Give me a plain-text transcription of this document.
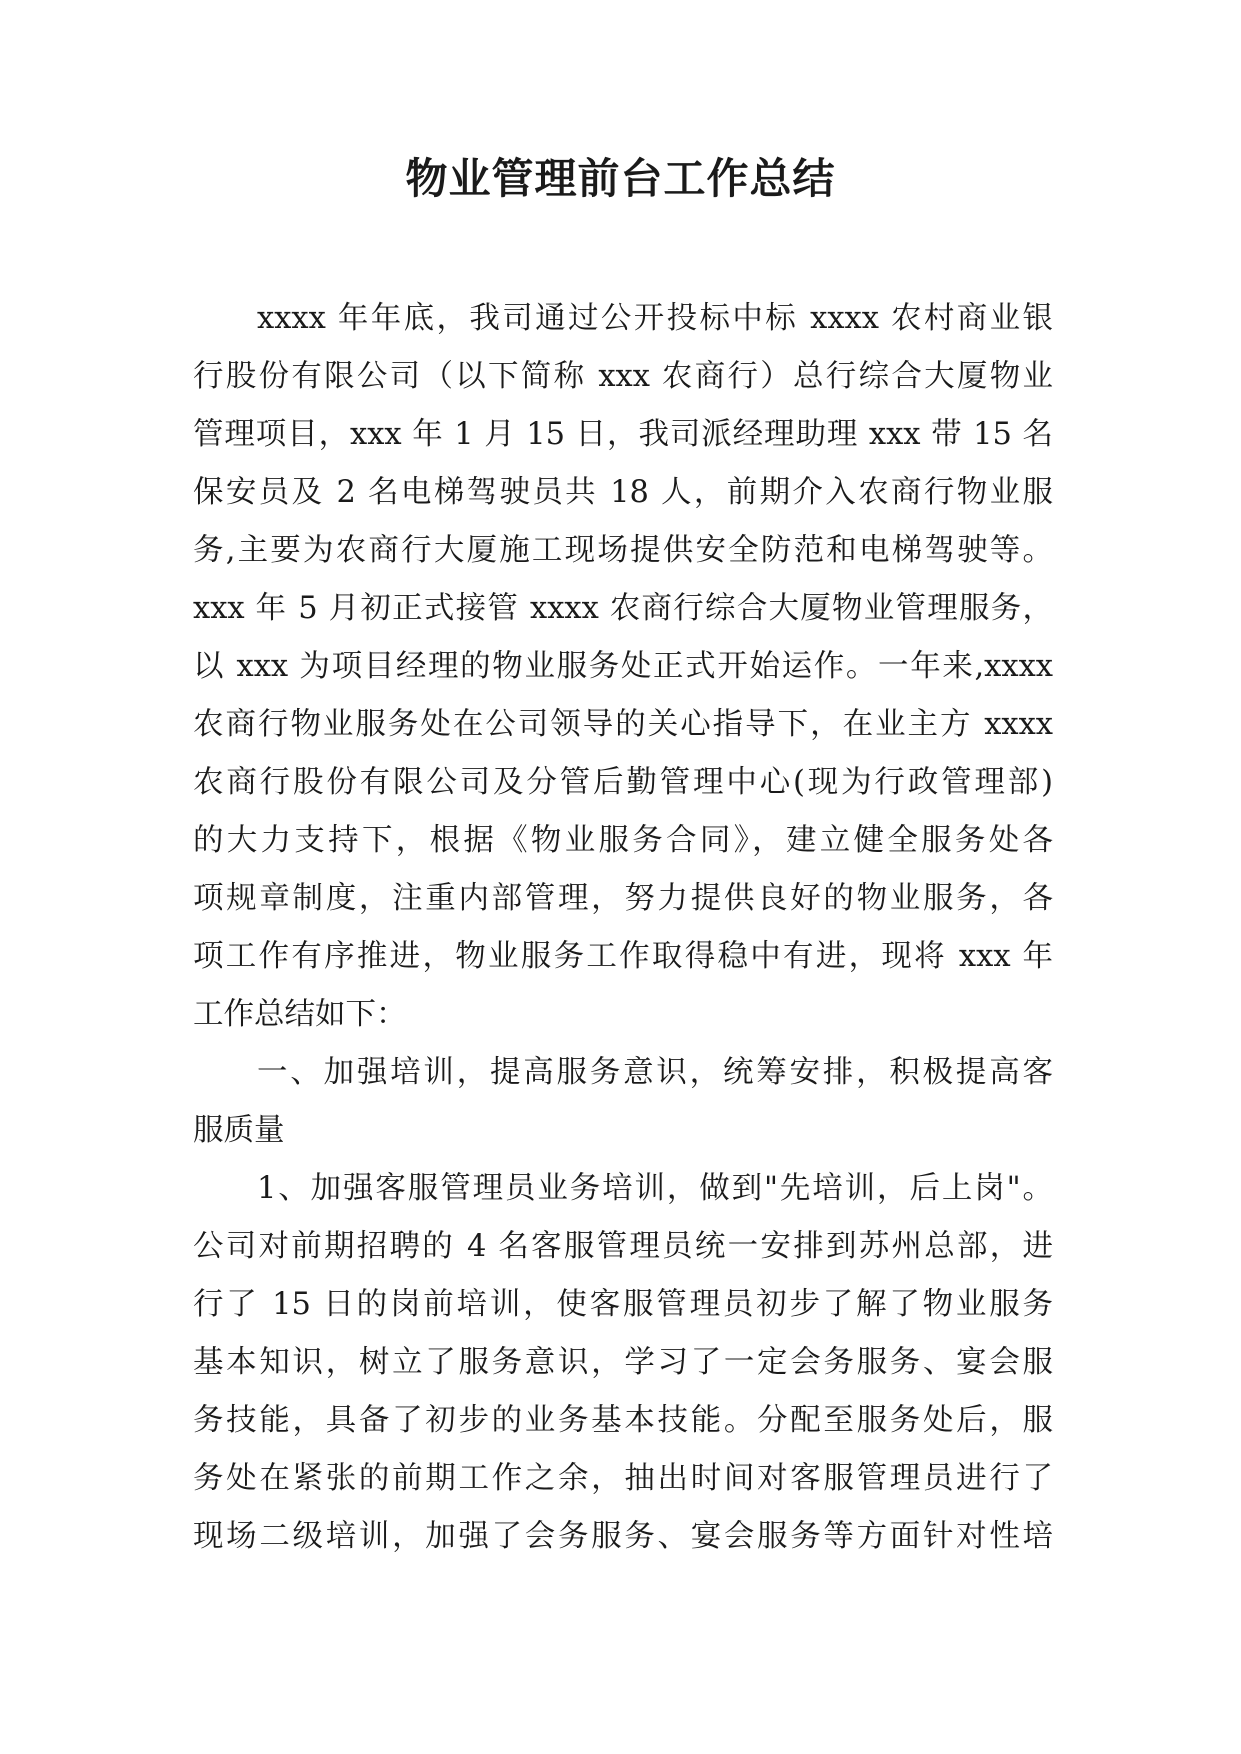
物业管理前台工作总结
xxxx 年年底，我司通过公开投标中标 xxxx 农村商业银
行股份有限公司（以下简称 xxx 农商行）总行综合大厦物业
管理项目，xxx 年 1 月 15 日，我司派经理助理 xxx 带 15 名
保安员及 2 名电梯驾驶员共 18 人，前期介入农商行物业服
务,主要为农商行大厦施工现场提供安全防范和电梯驾驶等。
xxx 年 5 月初正式接管 xxxx 农商行综合大厦物业管理服务，
以 xxx 为项目经理的物业服务处正式开始运作。一年来,xxxx
农商行物业服务处在公司领导的关心指导下，在业主方 xxxx
农商行股份有限公司及分管后勤管理中心(现为行政管理部)
的大力支持下，根据《物业服务合同》，建立健全服务处各
项规章制度，注重内部管理，努力提供良好的物业服务，各
项工作有序推进，物业服务工作取得稳中有进，现将 xxx 年
工作总结如下：
一、加强培训，提高服务意识，统筹安排，积极提高客
服质量
1、加强客服管理员业务培训，做到"先培训，后上岗"。
公司对前期招聘的 4 名客服管理员统一安排到苏州总部，进
行了 15 日的岗前培训，使客服管理员初步了解了物业服务
基本知识，树立了服务意识，学习了一定会务服务、宴会服
务技能，具备了初步的业务基本技能。分配至服务处后，服
务处在紧张的前期工作之余，抽出时间对客服管理员进行了
现场二级培训，加强了会务服务、宴会服务等方面针对性培
